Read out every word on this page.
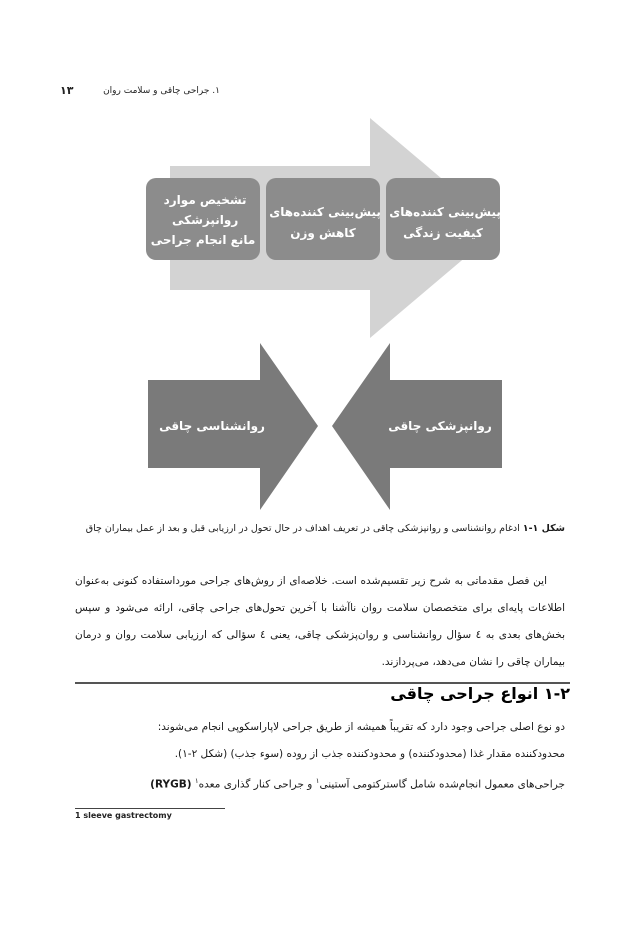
۱۳	۱. جراحی چاقی و سلامت روان
تشخیص موارد روانپزشکی مانع انجام جراحی
پیش‌بینی کننده‌های کاهش وزن
پیش‌بینی کننده‌های کیفیت زندگی
روانشناسی چاقی	روانپزشکی چاقی
شکل ۱-۱ ادغام روانشناسی و روانپزشکی چاقی در تعریف اهداف در حال تحول در ارزیابی قبل و بعد از عمل بیماران چاق
این فصل مقدماتی به شرح زیر تقسیم‌شده است. خلاصه‌ای از روش‌های جراحی مورداستفاده کنونی به‌عنوان اطلاعات پایه‌ای برای متخصصان سلامت روان ناآشنا با آخرین تحول‌های جراحی چاقی، ارائه می‌شود و سپس بخش‌های بعدی به ٤ سؤال روانشناسی و روان‌پزشکی چاقی، یعنی ٤ سؤالی که ارزیابی سلامت روان و درمان بیماران چاقی را نشان می‌دهد، می‌پردازند.
۱-۲ انواع جراحی چاقی
دو نوع اصلی جراحی وجود دارد که تقریباً همیشه از طریق جراحی لاپاراسکوپی انجام می‌شوند:
محدودکننده مقدار غذا (محدودکننده) و محدودکننده جذب از روده (سوء جذب) (شکل ۲-۱).
جراحی‌های معمول انجام‌شده شامل گاسترکتومی آستینی$^۱$ و جراحی کنار گذاری معده$^۱$ (RYGB)
1 sleeve gastrectomy
